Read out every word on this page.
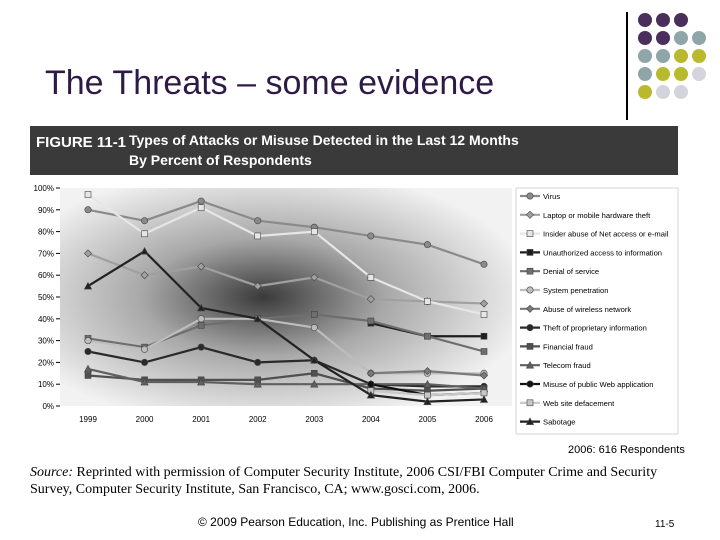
The Threats – some evidence
FIGURE 11-1 Types of Attacks or Misuse Detected in the Last 12 Months
By Percent of Respondents
0%
10%
20%
30%
40%
50%
60%
70%
80%
90%
100%
1999	2000	2001	2002	2003	2004	2005	2006
Virus
Laptop or mobile hardware theft
Insider abuse of Net access or e-mail
Unauthorized access to information
Denial of service
System penetration
Abuse of wireless network
Theft of proprietary information
Financial fraud
Telecom fraud
Misuse of public Web application
Web site defacement
Sabotage
2006: 616 Respondents
Source: Reprinted with permission of Computer Security Institute, 2006 CSI/FBI Computer Crime and Security Survey, Computer Security Institute, San Francisco, CA; www.gosci.com, 2006.
© 2009 Pearson Education, Inc. Publishing as Prentice Hall	11-5
